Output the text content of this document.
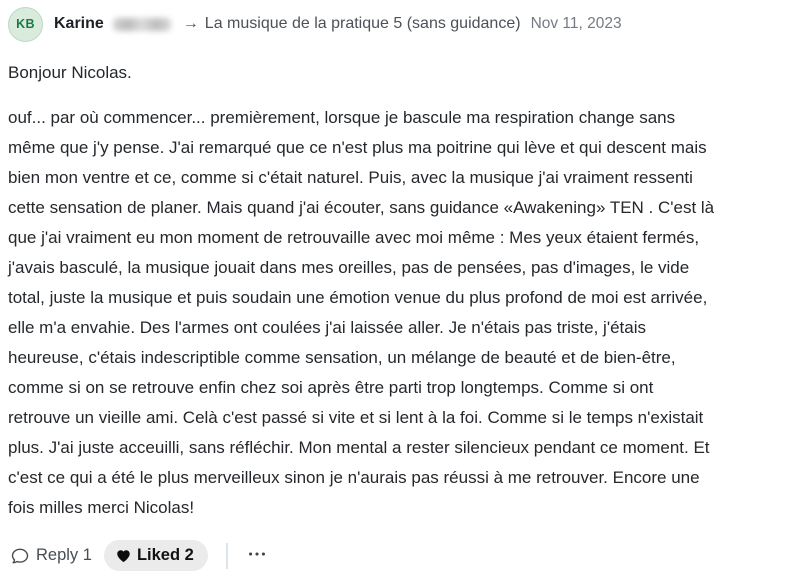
KB	Karine	→ La musique de la pratique 5 (sans guidance) Nov 11, 2023
Bonjour Nicolas.
ouf... par où commencer... premièrement, lorsque je bascule ma respiration change sans
même que j'y pense. J'ai remarqué que ce n'est plus ma poitrine qui lève et qui descent mais
bien mon ventre et ce, comme si c'était naturel. Puis, avec la musique j'ai vraiment ressenti
cette sensation de planer. Mais quand j'ai écouter, sans guidance «Awakening» TEN . C'est là
que j'ai vraiment eu mon moment de retrouvaille avec moi même : Mes yeux étaient fermés,
j'avais basculé, la musique jouait dans mes oreilles, pas de pensées, pas d'images, le vide
total, juste la musique et puis soudain une émotion venue du plus profond de moi est arrivée,
elle m'a envahie. Des l'armes ont coulées j'ai laissée aller. Je n'étais pas triste, j'étais
heureuse, c'étais indescriptible comme sensation, un mélange de beauté et de bien-être,
comme si on se retrouve enfin chez soi après être parti trop longtemps. Comme si ont
retrouve un vieille ami. Celà c'est passé si vite et si lent à la foi. Comme si le temps n'existait
plus. J'ai juste acceuilli, sans réfléchir. Mon mental a rester silencieux pendant ce moment. Et
c'est ce qui a été le plus merveilleux sinon je n'aurais pas réussi à me retrouver. Encore une
fois milles merci Nicolas!
Reply 1	Liked 2
